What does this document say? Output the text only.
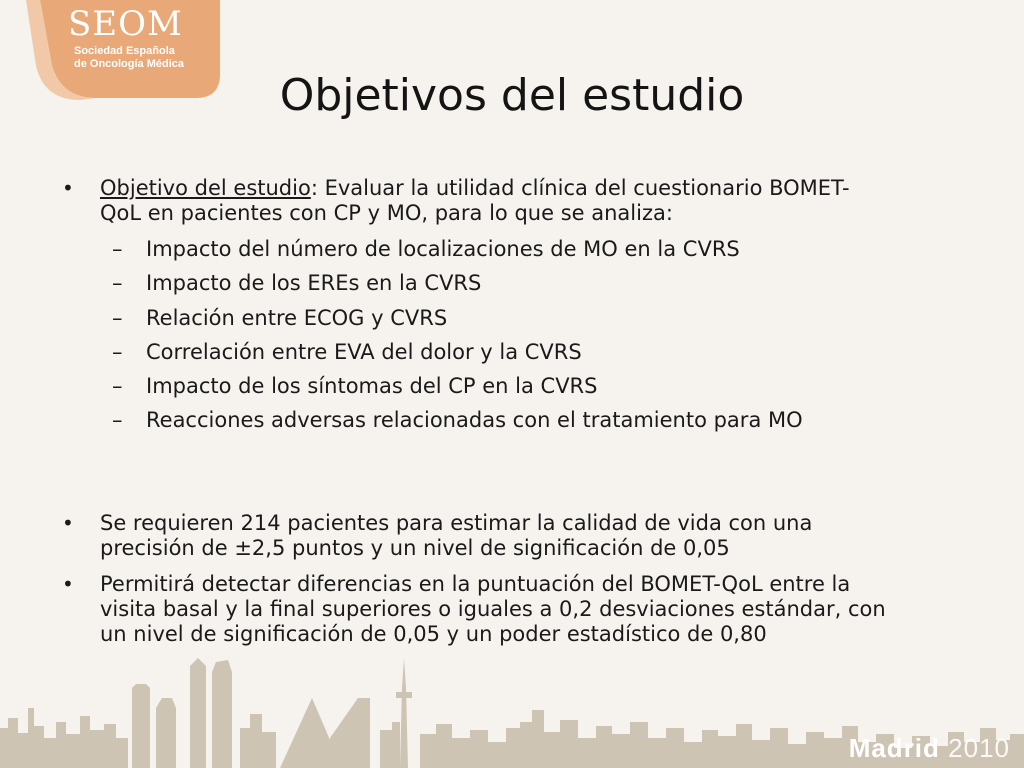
SEOM
Sociedad Española
de Oncología Médica
Objetivos del estudio
•	Objetivo del estudio: Evaluar la utilidad clínica del cuestionario BOMET-
QoL en pacientes con CP y MO, para lo que se analiza:
–	Impacto del número de localizaciones de MO en la CVRS
–	Impacto de los EREs en la CVRS
–	Relación entre ECOG y CVRS
–	Correlación entre EVA del dolor y la CVRS
–	Impacto de los síntomas del CP en la CVRS
–	Reacciones adversas relacionadas con el tratamiento para MO
•	Se requieren 214 pacientes para estimar la calidad de vida con una
precisión de ±2,5 puntos y un nivel de significación de 0,05
•	Permitirá detectar diferencias en la puntuación del BOMET-QoL entre la
visita basal y la final superiores o iguales a 0,2 desviaciones estándar, con
un nivel de significación de 0,05 y un poder estadístico de 0,80
Madrid 2010
